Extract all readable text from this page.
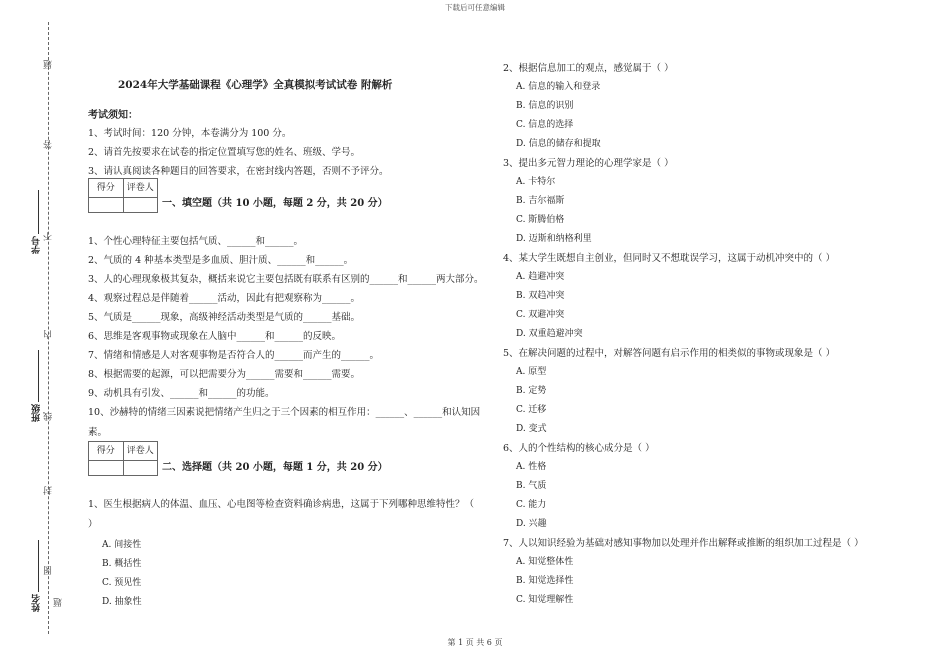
下载后可任意编辑
题
答
不
内
线
封
图
题
学号
班级
姓名
2024年大学基础课程《心理学》全真模拟考试试卷 附解析
考试须知：
1、考试时间：120 分钟，本卷满分为 100 分。
2、请首先按要求在试卷的指定位置填写您的姓名、班级、学号。
3、请认真阅读各种题目的回答要求，在密封线内答题，否则不予评分。
得分	评卷人
一、填空题（共 10 小题，每题 2 分，共 20 分）
1、个性心理特征主要包括气质、______和______。
2、气质的 4 种基本类型是多血质、胆汁质、______和______。
3、人的心理现象极其复杂，概括来说它主要包括既有联系有区别的______和______两大部分。
4、观察过程总是伴随着______活动，因此有把观察称为______。
5、气质是______现象，高级神经活动类型是气质的______基础。
6、思维是客观事物或现象在人脑中______和______的反映。
7、情绪和情感是人对客观事物是否符合人的______而产生的______。
8、根据需要的起源，可以把需要分为______需要和______需要。
9、动机具有引发、______和______的功能。
10、沙赫特的情绪三因素说把情绪产生归之于三个因素的相互作用：______、______和认知因
素。
得分	评卷人
二、选择题（共 20 小题，每题 1 分，共 20 分）
1、医生根据病人的体温、血压、心电图等检查资料确诊病患，这属于下列哪种思维特性？（
）
A. 间接性
B. 概括性
C. 预见性
D. 抽象性
2、根据信息加工的观点，感觉属于（ ）
A. 信息的输入和登录
B. 信息的识别
C. 信息的选择
D. 信息的储存和提取
3、提出多元智力理论的心理学家是（ ）
A. 卡特尔
B. 吉尔福斯
C. 斯腾伯格
D. 迈斯和纳格利里
4、某大学生既想自主创业，但同时又不想耽误学习，这属于动机冲突中的（ ）
A. 趋避冲突
B. 双趋冲突
C. 双避冲突
D. 双重趋避冲突
5、在解决问题的过程中，对解答问题有启示作用的相类似的事物或现象是（ ）
A. 原型
B. 定势
C. 迁移
D. 变式
6、人的个性结构的核心成分是（ ）
A. 性格
B. 气质
C. 能力
D. 兴趣
7、人以知识经验为基础对感知事物加以处理并作出解释或推断的组织加工过程是（ ）
A. 知觉整体性
B. 知觉选择性
C. 知觉理解性
第 1 页 共 6 页
